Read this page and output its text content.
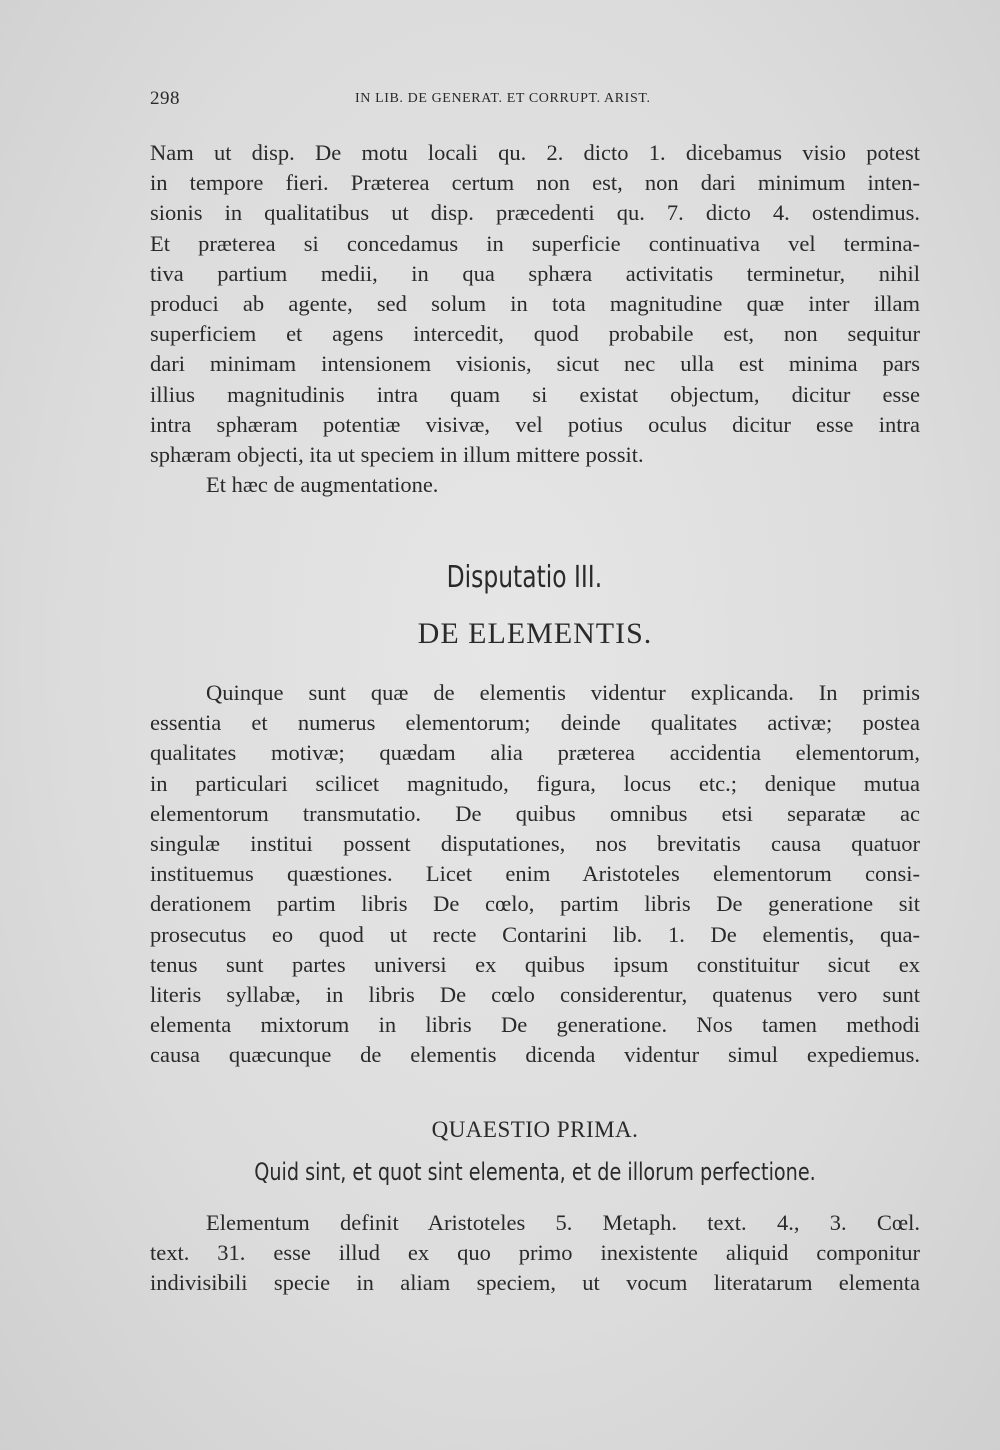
298	IN LIB. DE GENERAT. ET CORRUPT. ARIST.
Nam ut disp. De motu locali qu. 2. dicto 1. dicebamus visio potest
in tempore fieri. Præterea certum non est, non dari minimum inten-
sionis in qualitatibus ut disp. præcedenti qu. 7. dicto 4. ostendimus.
Et præterea si concedamus in superficie continuativa vel termina-
tiva partium medii, in qua sphæra activitatis terminetur, nihil
produci ab agente, sed solum in tota magnitudine quæ inter illam
superficiem et agens intercedit, quod probabile est, non sequitur
dari minimam intensionem visionis, sicut nec ulla est minima pars
illius magnitudinis intra quam si existat objectum, dicitur esse
intra sphæram potentiæ visivæ, vel potius oculus dicitur esse intra
sphæram objecti, ita ut speciem in illum mittere possit.
Et hæc de augmentatione.
Disputatio III.
DE ELEMENTIS.
Quinque sunt quæ de elementis videntur explicanda. In primis
essentia et numerus elementorum; deinde qualitates activæ; postea
qualitates motivæ; quædam alia præterea accidentia elementorum,
in particulari scilicet magnitudo, figura, locus etc.; denique mutua
elementorum transmutatio. De quibus omnibus etsi separatæ ac
singulæ institui possent disputationes, nos brevitatis causa quatuor
instituemus quæstiones. Licet enim Aristoteles elementorum consi-
derationem partim libris De cœlo, partim libris De generatione sit
prosecutus eo quod ut recte Contarini lib. 1. De elementis, qua-
tenus sunt partes universi ex quibus ipsum constituitur sicut ex
literis syllabæ, in libris De cœlo considerentur, quatenus vero sunt
elementa mixtorum in libris De generatione. Nos tamen methodi
causa quæcunque de elementis dicenda videntur simul expediemus.
QUAESTIO PRIMA.
Quid sint, et quot sint elementa, et de illorum perfectione.
Elementum definit Aristoteles 5. Metaph. text. 4., 3. Cœl.
text. 31. esse illud ex quo primo inexistente aliquid componitur
indivisibili specie in aliam speciem, ut vocum literatarum elementa
